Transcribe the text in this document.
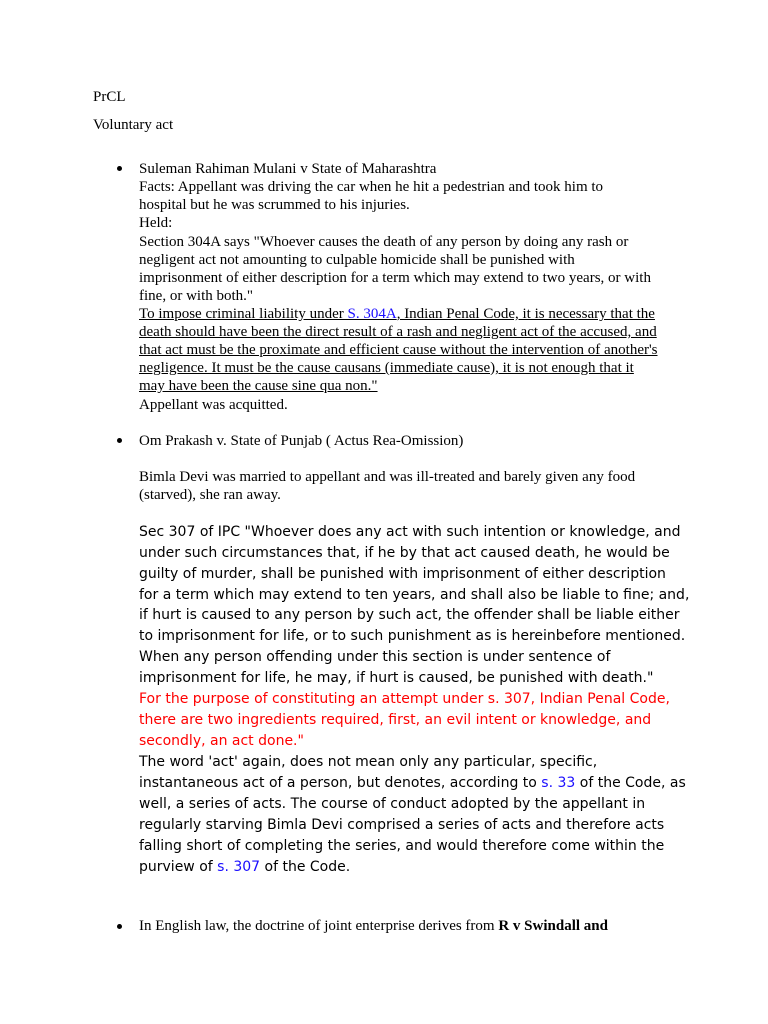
PrCL
Voluntary act
Suleman Rahiman Mulani v State of Maharashtra
Facts: Appellant was driving the car when he hit a pedestrian and took him to
hospital but he was scrummed to his injuries.
Held:
Section 304A says "Whoever causes the death of any person by doing any rash or
negligent act not amounting to culpable homicide shall be punished with
imprisonment of either description for a term which may extend to two years, or with
fine, or with both."
To impose criminal liability under S. 304A, Indian Penal Code, it is necessary that the
death should have been the direct result of a rash and negligent act of the accused, and
that act must be the proximate and efficient cause without the intervention of another's
negligence. It must be the cause causans (immediate cause), it is not enough that it
may have been the cause sine qua non."
Appellant was acquitted.
Om Prakash v. State of Punjab ( Actus Rea-Omission)
Bimla Devi was married to appellant and was ill-treated and barely given any food
(starved), she ran away.
Sec 307 of IPC "Whoever does any act with such intention or knowledge, and
under such circumstances that, if he by that act caused death, he would be
guilty of murder, shall be punished with imprisonment of either description
for a term which may extend to ten years, and shall also be liable to fine; and,
if hurt is caused to any person by such act, the offender shall be liable either
to imprisonment for life, or to such punishment as is hereinbefore mentioned.
When any person offending under this section is under sentence of
imprisonment for life, he may, if hurt is caused, be punished with death."
For the purpose of constituting an attempt under s. 307, Indian Penal Code,
there are two ingredients required, first, an evil intent or knowledge, and
secondly, an act done."
The word 'act' again, does not mean only any particular, specific,
instantaneous act of a person, but denotes, according to s. 33 of the Code, as
well, a series of acts. The course of conduct adopted by the appellant in
regularly starving Bimla Devi comprised a series of acts and therefore acts
falling short of completing the series, and would therefore come within the
purview of s. 307 of the Code.
In English law, the doctrine of joint enterprise derives from R v Swindall and
